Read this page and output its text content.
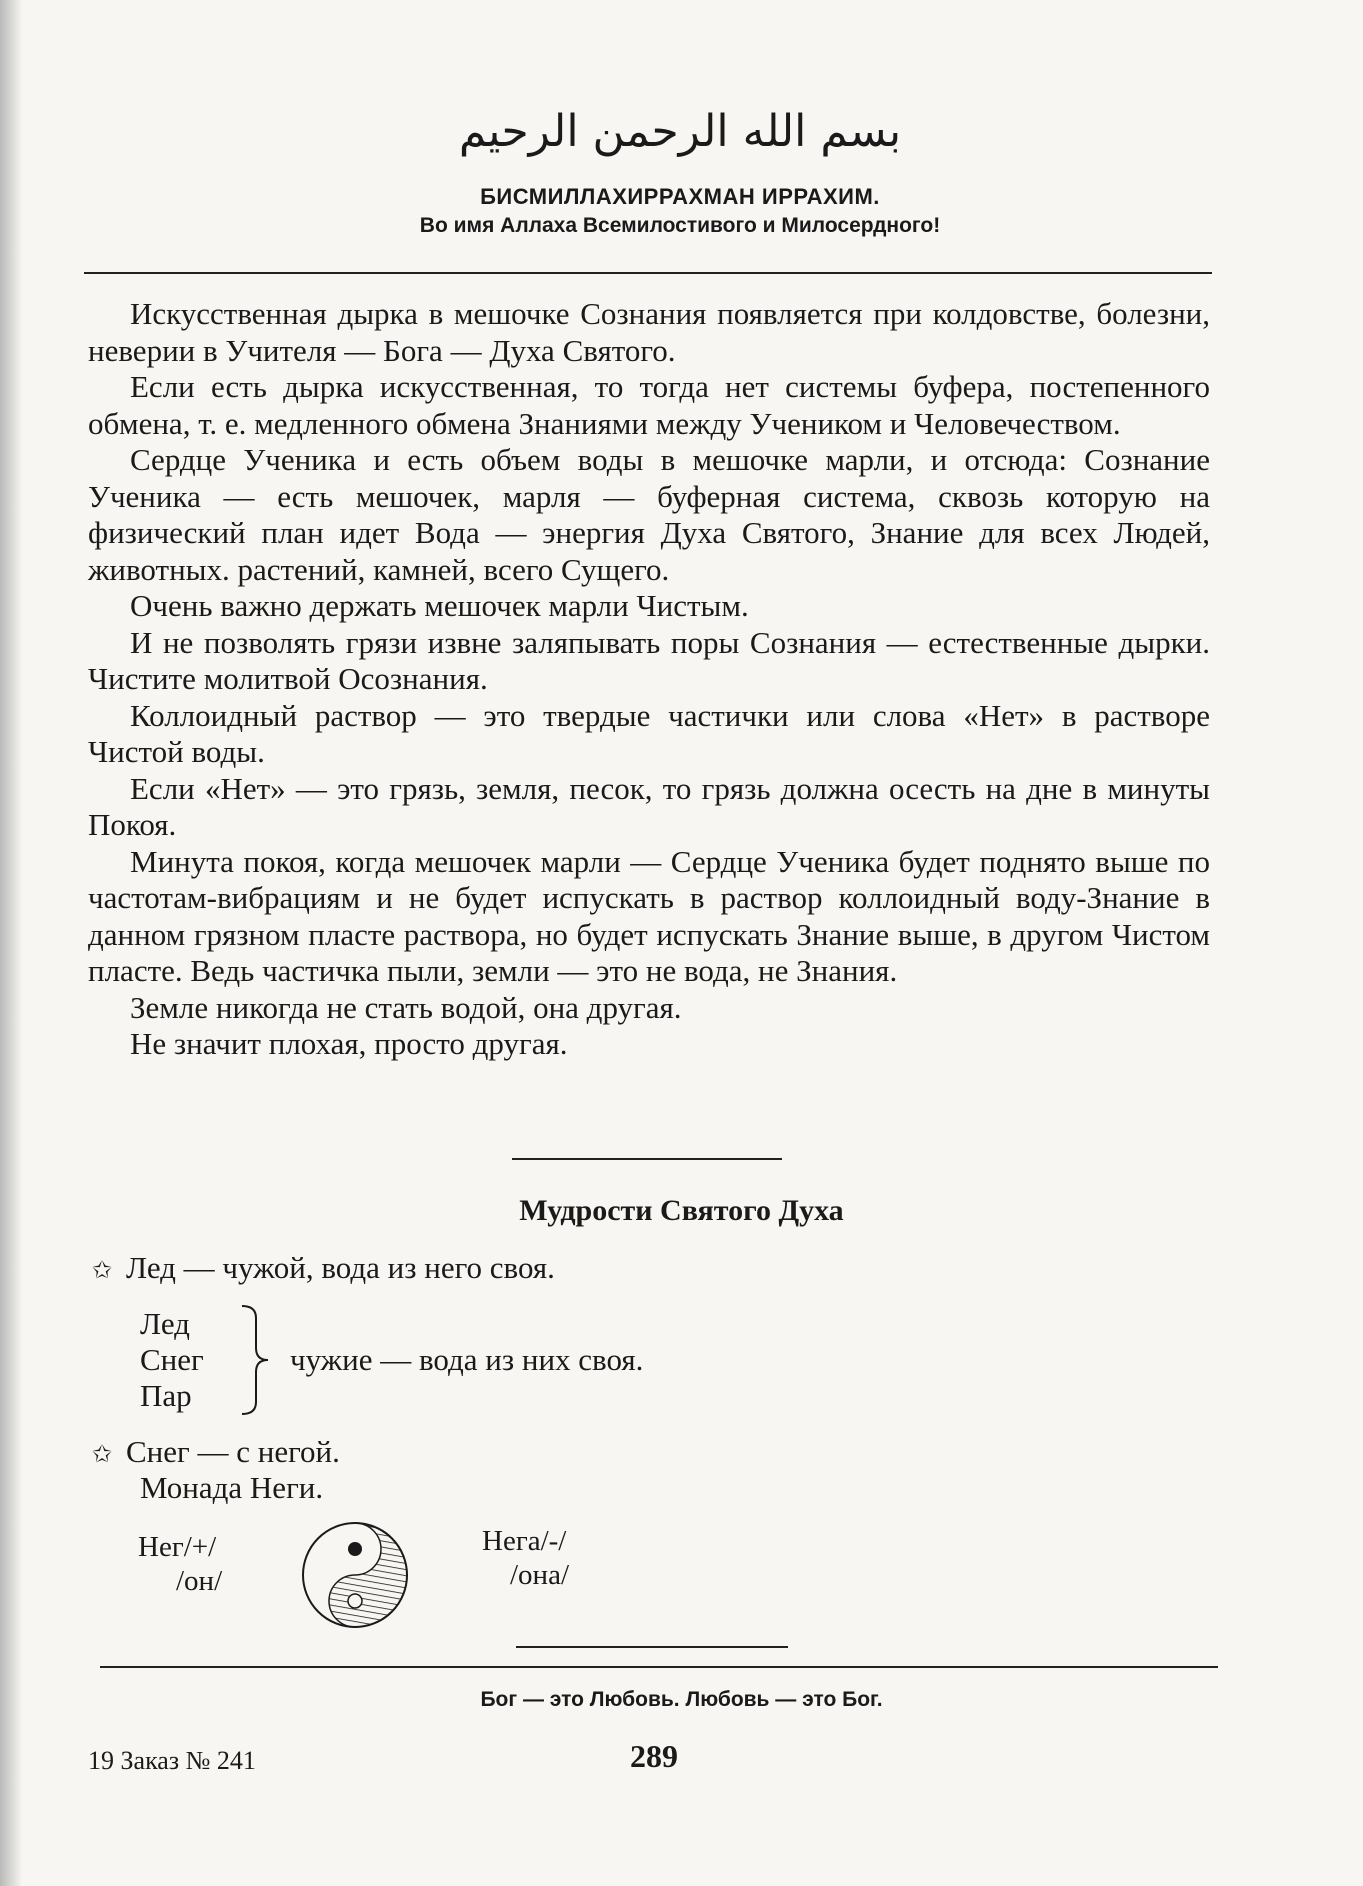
بسم الله الرحمن الرحيم
БИСМИЛЛАХИРРАХМАН ИРРАХИМ.
Во имя Аллаха Всемилостивого и Милосердного!

Искусственная дырка в мешочке Сознания появляется при колдовстве, болезни, неверии в Учителя — Бога — Духа Святого.

Если есть дырка искусственная, то тогда нет системы буфера, постепенного обмена, т. е. медленного обмена Знаниями между Учеником и Человечеством.

Сердце Ученика и есть объем воды в мешочке марли, и отсюда: Сознание Ученика — есть мешочек, марля — буферная система, сквозь которую на физический план идет Вода — энергия Духа Святого, Знание для всех Людей, животных. растений, камней, всего Сущего.

Очень важно держать мешочек марли Чистым.

И не позволять грязи извне заляпывать поры Сознания — естественные дырки. Чистите молитвой Осознания.

Коллоидный раствор — это твердые частички или слова «Нет» в растворе Чистой воды.

Если «Нет» — это грязь, земля, песок, то грязь должна осесть на дне в минуты Покоя.

Минута покоя, когда мешочек марли — Сердце Ученика будет поднято выше по частотам-вибрациям и не будет испускать в раствор коллоидный воду-Знание в данном грязном пласте раствора, но будет испускать Знание выше, в другом Чистом пласте. Ведь частичка пыли, земли — это не вода, не Знания.

Земле никогда не стать водой, она другая.

Не значит плохая, просто другая.

Мудрости Святого Духа
✩ Лед — чужой, вода из него своя.
Лед
Снег
Пар
чужие — вода из них своя.
✩ Снег — с негой.
Монада Неги.
Нег/+/
/он/
Нега/-/
/она/
Бог — это Любовь. Любовь — это Бог.
19 Заказ № 241	289
